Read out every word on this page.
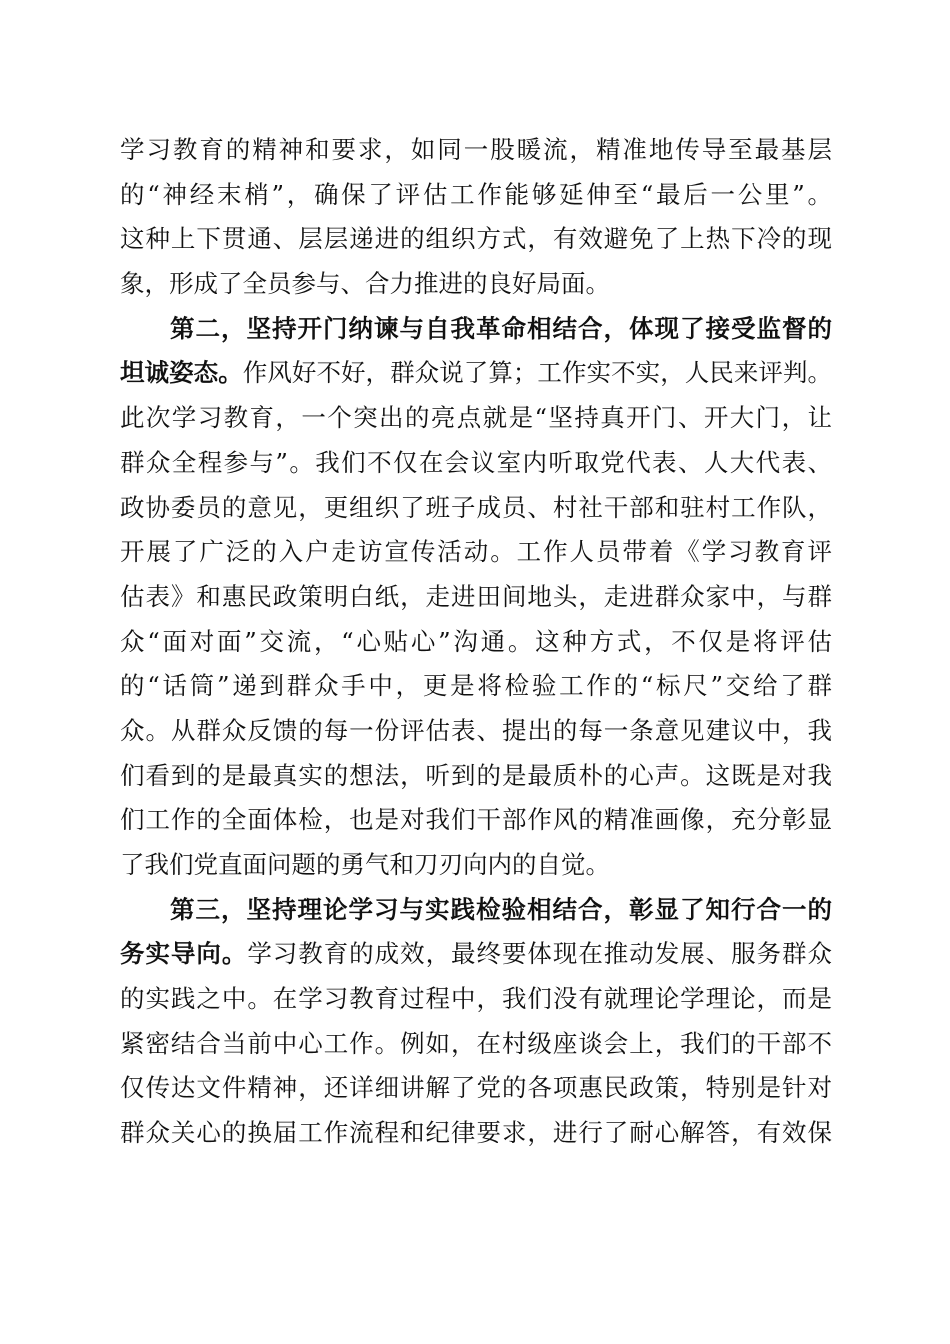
学习教育的精神和要求，如同一股暖流，精准地传导至最基层
的“神经末梢”，确保了评估工作能够延伸至“最后一公里”。
这种上下贯通、层层递进的组织方式，有效避免了上热下冷的现
象，形成了全员参与、合力推进的良好局面。
第二，坚持开门纳谏与自我革命相结合，体现了接受监督的
坦诚姿态。作风好不好，群众说了算；工作实不实，人民来评判。
此次学习教育，一个突出的亮点就是“坚持真开门、开大门，让
群众全程参与”。我们不仅在会议室内听取党代表、人大代表、
政协委员的意见，更组织了班子成员、村社干部和驻村工作队，
开展了广泛的入户走访宣传活动。工作人员带着《学习教育评
估表》和惠民政策明白纸，走进田间地头，走进群众家中，与群
众“面对面”交流，“心贴心”沟通。这种方式，不仅是将评估
的“话筒”递到群众手中，更是将检验工作的“标尺”交给了群
众。从群众反馈的每一份评估表、提出的每一条意见建议中，我
们看到的是最真实的想法，听到的是最质朴的心声。这既是对我
们工作的全面体检，也是对我们干部作风的精准画像，充分彰显
了我们党直面问题的勇气和刀刃向内的自觉。
第三，坚持理论学习与实践检验相结合，彰显了知行合一的
务实导向。学习教育的成效，最终要体现在推动发展、服务群众
的实践之中。在学习教育过程中，我们没有就理论学理论，而是
紧密结合当前中心工作。例如，在村级座谈会上，我们的干部不
仅传达文件精神，还详细讲解了党的各项惠民政策，特别是针对
群众关心的换届工作流程和纪律要求，进行了耐心解答，有效保
